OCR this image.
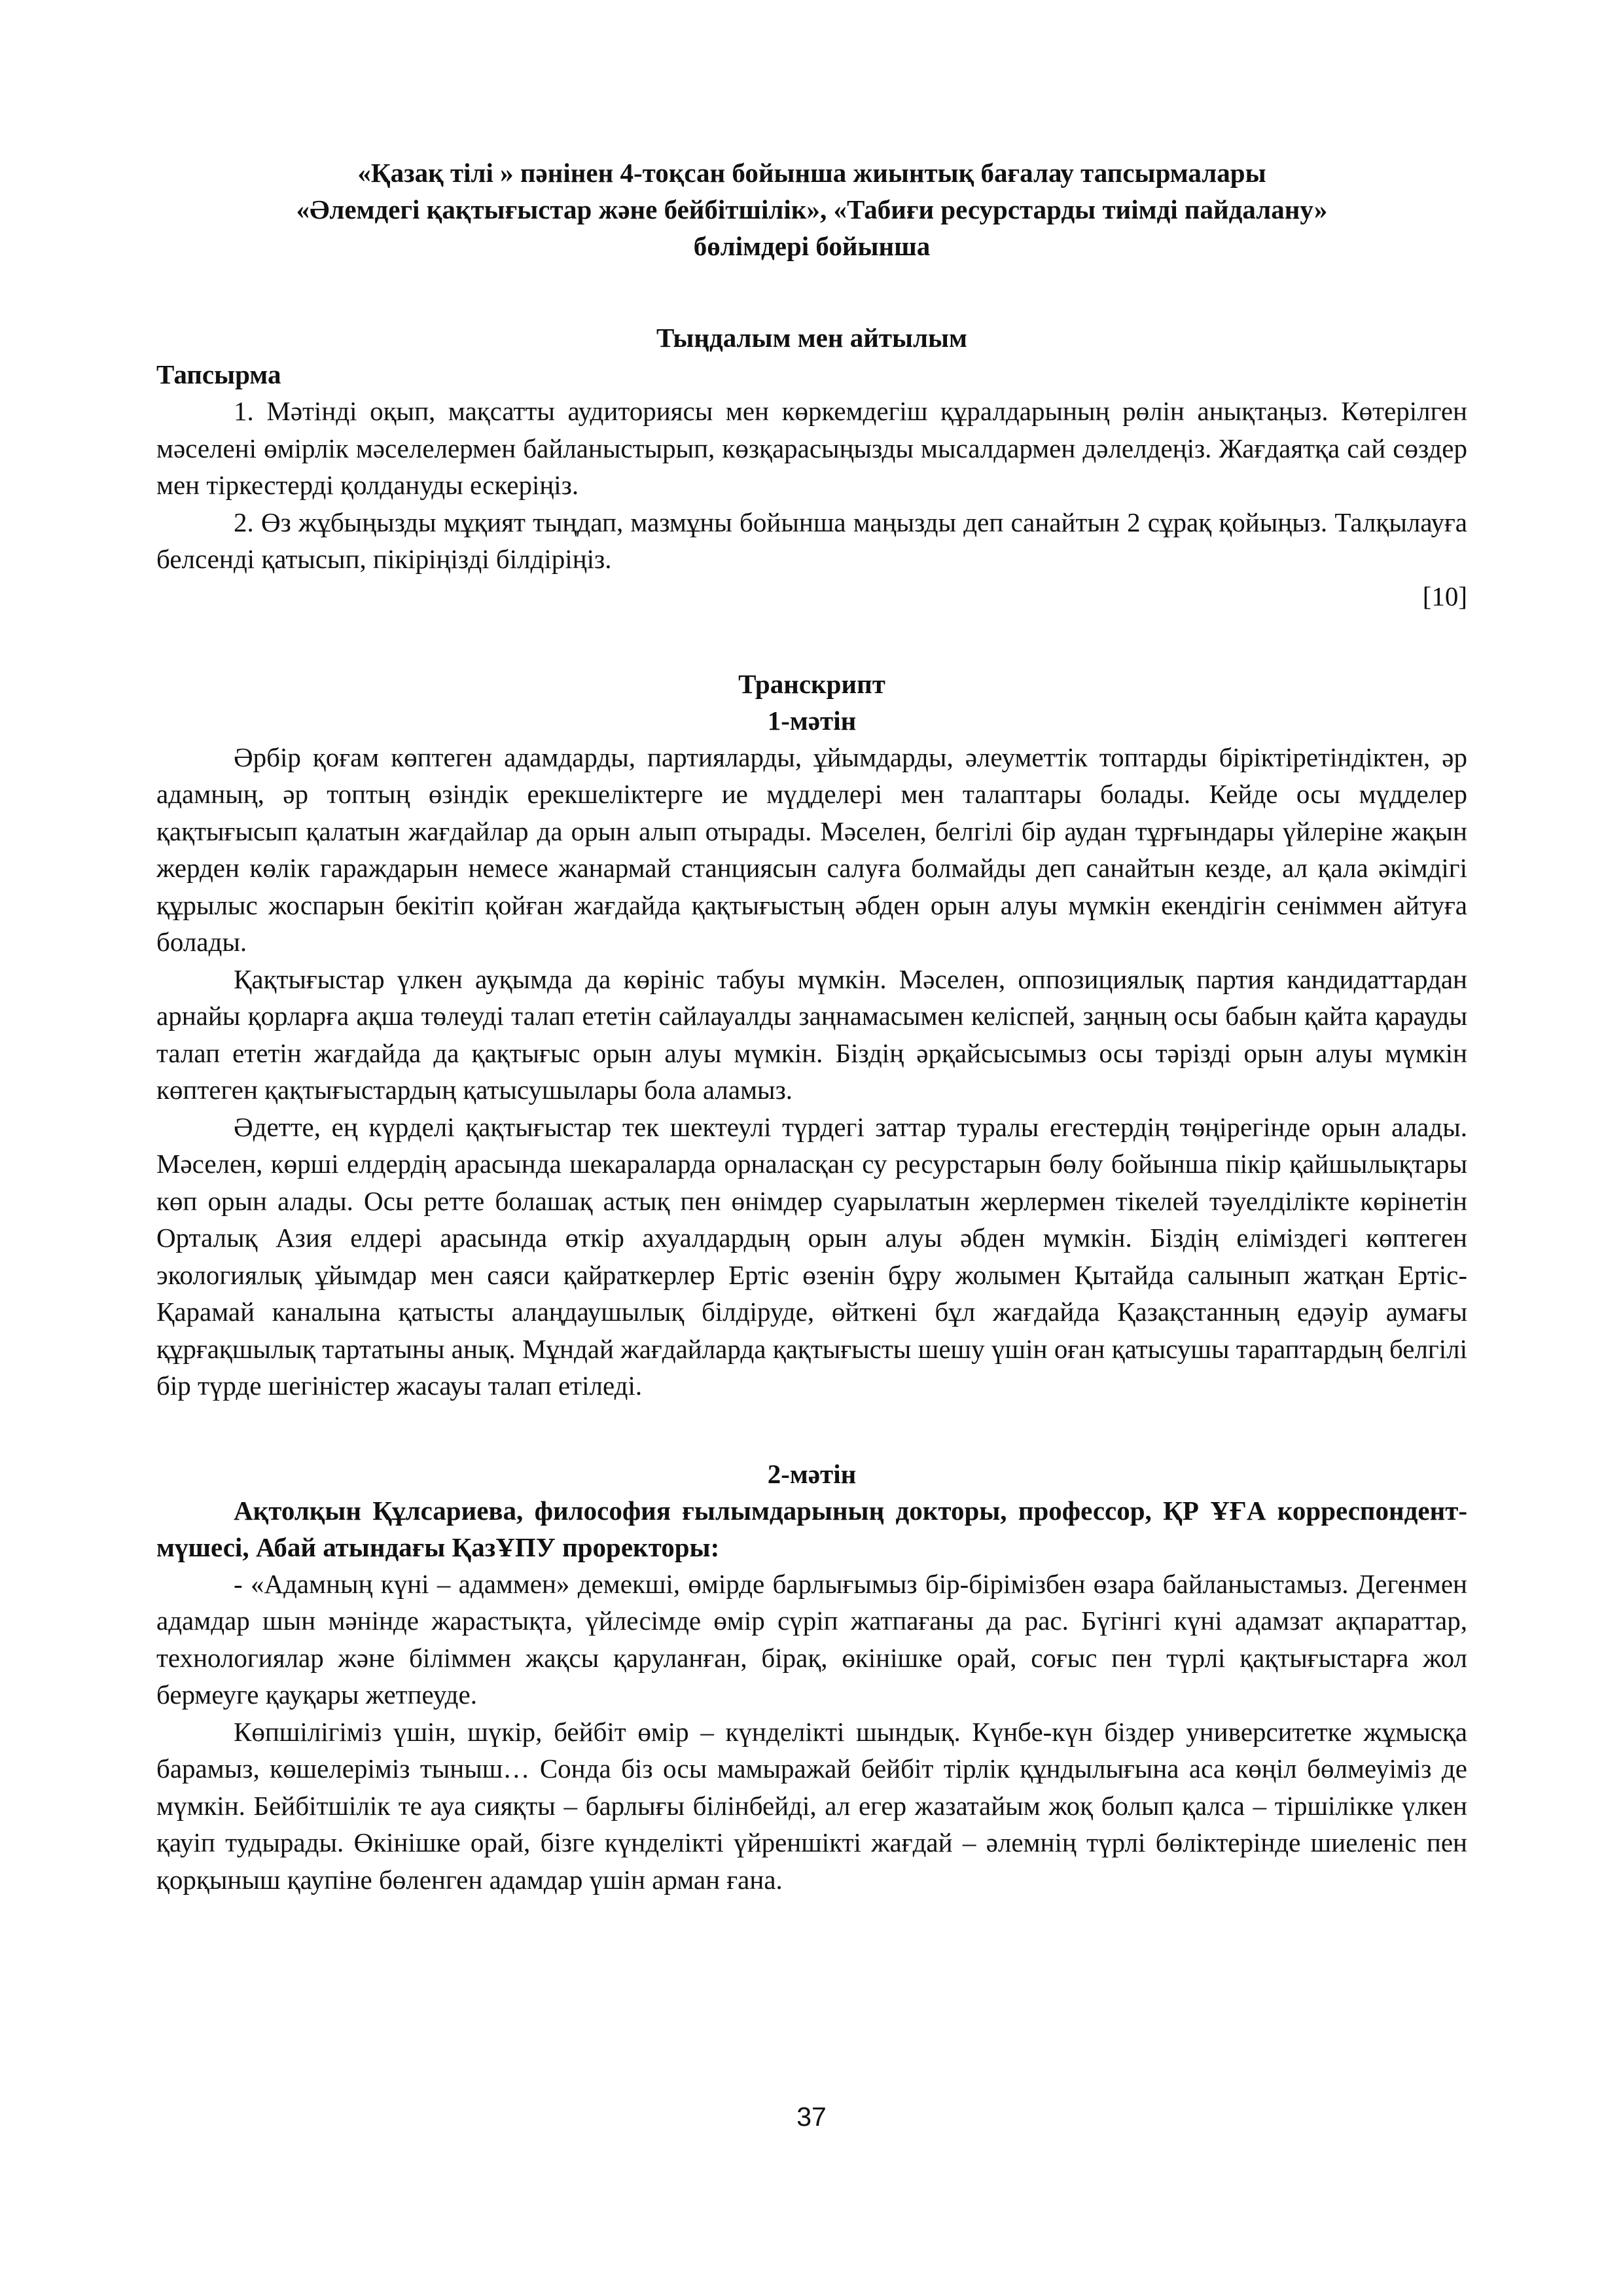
«Қазақ тілі » пәнінен 4-тоқсан бойынша жиынтық бағалау тапсырмалары
«Әлемдегі қақтығыстар және бейбітшілік», «Табиғи ресурстарды тиімді пайдалану»
бөлімдері бойынша
Тыңдалым мен айтылым
Тапсырма

1. Мәтінді оқып, мақсатты аудиториясы мен көркемдегіш құралдарының рөлін анықтаңыз. Көтерілген мәселені өмірлік мәселелермен байланыстырып, көзқарасыңызды мысалдармен дәлелдеңіз. Жағдаятқа сай сөздер мен тіркестерді қолдануды ескеріңіз.

2. Өз жұбыңызды мұқият тыңдап, мазмұны бойынша маңызды деп санайтын 2 сұрақ қойыңыз. Талқылауға белсенді қатысып, пікіріңізді білдіріңіз.

[10]
Транскрипт
1-мәтін

Әрбір қоғам көптеген адамдарды, партияларды, ұйымдарды, әлеуметтік топтарды біріктіретіндіктен, әр адамның, әр топтың өзіндік ерекшеліктерге ие мүдделері мен талаптары болады. Кейде осы мүдделер қақтығысып қалатын жағдайлар да орын алып отырады. Мәселен, белгілі бір аудан тұрғындары үйлеріне жақын жерден көлік гараждарын немесе жанармай станциясын салуға болмайды деп санайтын кезде, ал қала әкімдігі құрылыс жоспарын бекітіп қойған жағдайда қақтығыстың әбден орын алуы мүмкін екендігін сеніммен айтуға болады.

Қақтығыстар үлкен ауқымда да көрініс табуы мүмкін. Мәселен, оппозициялық партия кандидаттардан арнайы қорларға ақша төлеуді талап ететін сайлауалды заңнамасымен келіспей, заңның осы бабын қайта қарауды талап ететін жағдайда да қақтығыс орын алуы мүмкін. Біздің әрқайсысымыз осы тәрізді орын алуы мүмкін көптеген қақтығыстардың қатысушылары бола аламыз.

Әдетте, ең күрделі қақтығыстар тек шектеулі түрдегі заттар туралы егестердің төңірегінде орын алады. Мәселен, көрші елдердің арасында шекараларда орналасқан су ресурстарын бөлу бойынша пікір қайшылықтары көп орын алады. Осы ретте болашақ астық пен өнімдер суарылатын жерлермен тікелей тәуелділікте көрінетін Орталық Азия елдері арасында өткір ахуалдардың орын алуы әбден мүмкін. Біздің еліміздегі көптеген экологиялық ұйымдар мен саяси қайраткерлер Ертіс өзенін бұру жолымен Қытайда салынып жатқан Ертіс-Қарамай каналына қатысты алаңдаушылық білдіруде, өйткені бұл жағдайда Қазақстанның едәуір аумағы құрғақшылық тартатыны анық. Мұндай жағдайларда қақтығысты шешу үшін оған қатысушы тараптардың белгілі бір түрде шегіністер жасауы талап етіледі.

2-мәтін
Ақтолқын Құлсариева, философия ғылымдарының докторы, профессор, ҚР ҰҒА корреспондент-мүшесі, Абай атындағы ҚазҰПУ проректоры:

- «Адамның күні – адаммен» демекші, өмірде барлығымыз бір-бірімізбен өзара байланыстамыз. Дегенмен адамдар шын мәнінде жарастықта, үйлесімде өмір сүріп жатпағаны да рас. Бүгінгі күні адамзат ақпараттар, технологиялар және біліммен жақсы қаруланған, бірақ, өкінішке орай, соғыс пен түрлі қақтығыстарға жол бермеуге қауқары жетпеуде.

Көпшілігіміз үшін, шүкір, бейбіт өмір – күнделікті шындық. Күнбе-күн біздер университетке жұмысқа барамыз, көшелеріміз тыныш… Сонда біз осы мамыражай бейбіт тірлік құндылығына аса көңіл бөлмеуіміз де мүмкін. Бейбітшілік те ауа сияқты – барлығы білінбейді, ал егер жазатайым жоқ болып қалса – тіршілікке үлкен қауіп тудырады. Өкінішке орай, бізге күнделікті үйреншікті жағдай – әлемнің түрлі бөліктерінде шиеленіс пен қорқыныш қаупіне бөленген адамдар үшін арман ғана.

37
